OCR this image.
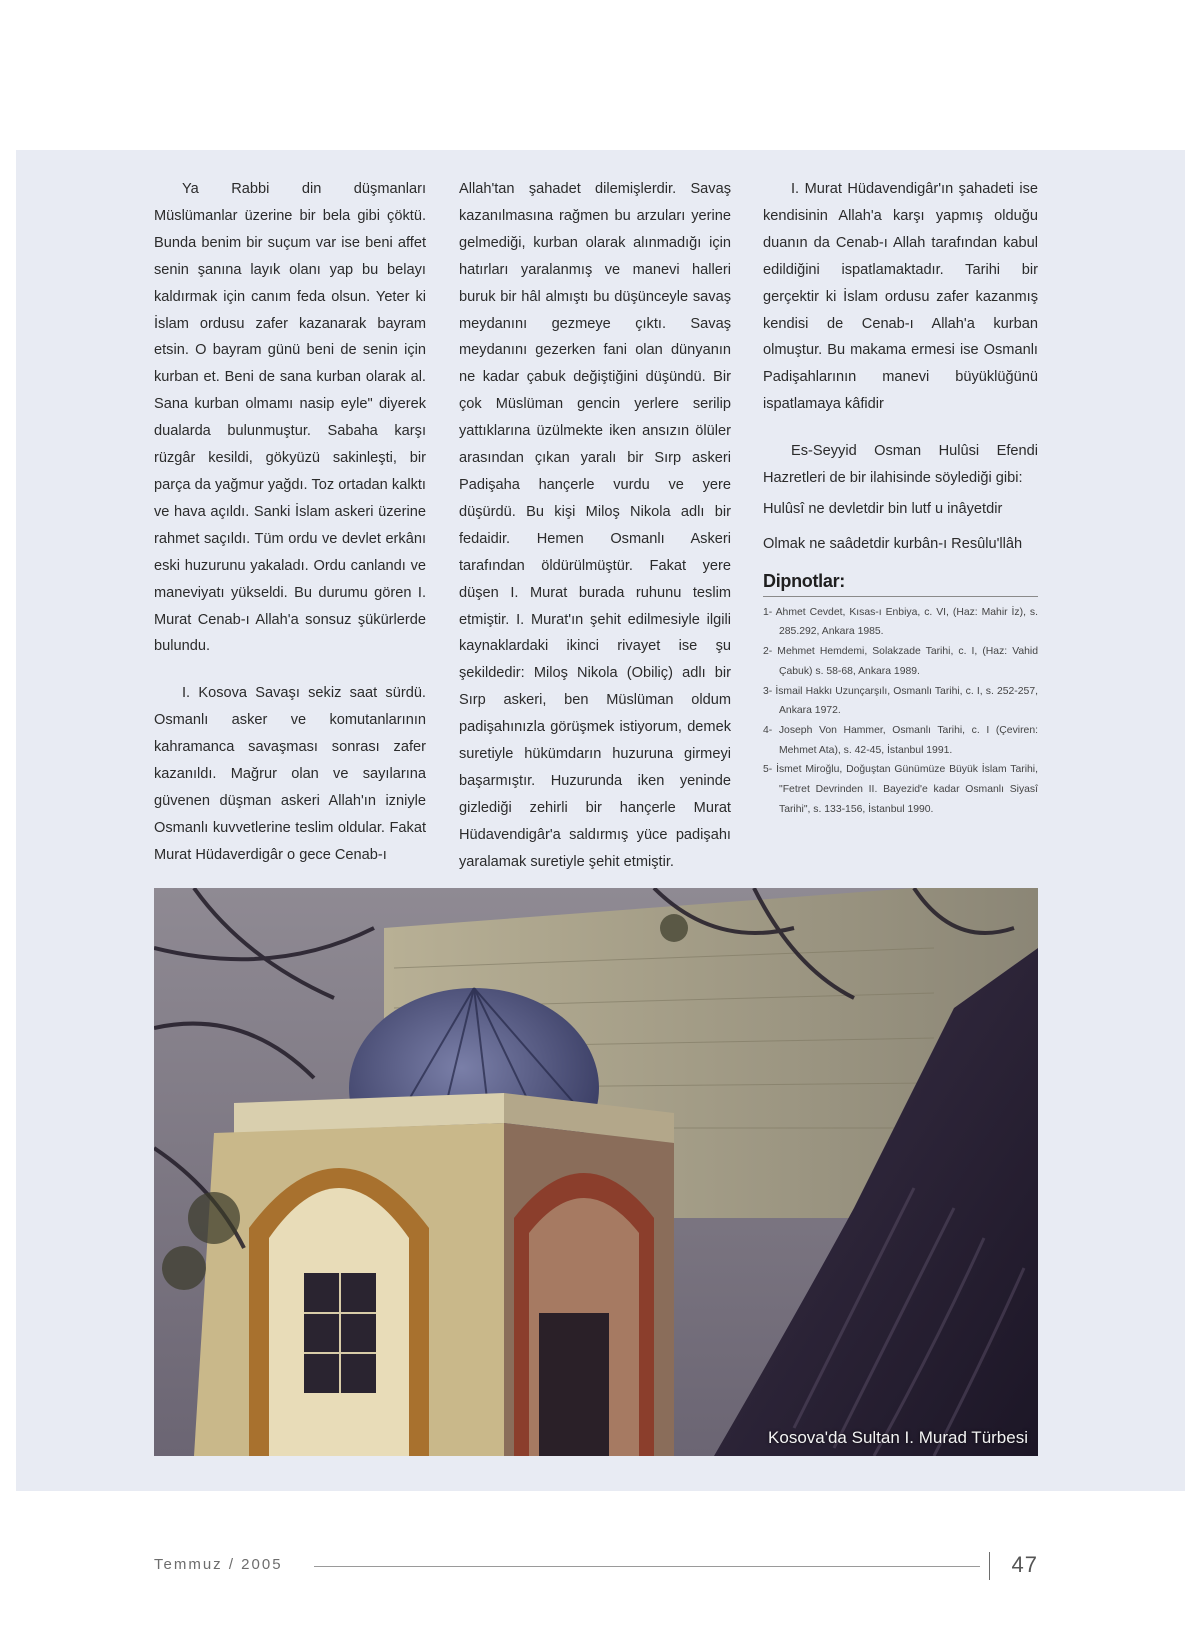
Ya Rabbi din düşmanları Müslümanlar üzerine bir bela gibi çöktü. Bunda benim bir suçum var ise beni affet senin şanına layık olanı yap bu belayı kaldırmak için canım feda olsun. Yeter ki İslam ordusu zafer kazanarak bayram etsin. O bayram günü beni de senin için kurban et. Beni de sana kurban olarak al. Sana kurban olmamı nasip eyle" diyerek dualarda bulunmuştur. Sabaha karşı rüzgâr kesildi, gökyüzü sakinleşti, bir parça da yağmur yağdı. Toz ortadan kalktı ve hava açıldı. Sanki İslam askeri üzerine rahmet saçıldı. Tüm ordu ve devlet erkânı eski huzurunu yakaladı. Ordu canlandı ve maneviyatı yükseldi. Bu durumu gören I. Murat Cenab-ı Allah'a sonsuz şükürlerde bulundu.

I. Kosova Savaşı sekiz saat sürdü. Osmanlı asker ve komutanlarının kahramanca savaşması sonrası zafer kazanıldı. Mağrur olan ve sayılarına güvenen düşman askeri Allah'ın izniyle Osmanlı kuvvetlerine teslim oldular. Fakat Murat Hüdaverdigâr o gece Cenab-ı

Allah'tan şahadet dilemişlerdir. Savaş kazanılmasına rağmen bu arzuları yerine gelmediği, kurban olarak alınmadığı için hatırları yaralanmış ve manevi halleri buruk bir hâl almıştı bu düşünceyle savaş meydanını gezmeye çıktı. Savaş meydanını gezerken fani olan dünyanın ne kadar çabuk değiştiğini düşündü. Bir çok Müslüman gencin yerlere serilip yattıklarına üzülmekte iken ansızın ölüler arasından çıkan yaralı bir Sırp askeri Padişaha hançerle vurdu ve yere düşürdü. Bu kişi Miloş Nikola adlı bir fedaidir. Hemen Osmanlı Askeri tarafından öldürülmüştür. Fakat yere düşen I. Murat burada ruhunu teslim etmiştir. I. Murat'ın şehit edilmesiyle ilgili kaynaklardaki ikinci rivayet ise şu şekildedir: Miloş Nikola (Obiliç) adlı bir Sırp askeri, ben Müslüman oldum padişahınızla görüşmek istiyorum, demek suretiyle hükümdarın huzuruna girmeyi başarmıştır. Huzurunda iken yeninde gizlediği zehirli bir hançerle Murat Hüdavendigâr'a saldırmış yüce padişahı yaralamak suretiyle şehit etmiştir.

I. Murat Hüdavendigâr'ın şahadeti ise kendisinin Allah'a karşı yapmış olduğu duanın da Cenab-ı Allah tarafından kabul edildiğini ispatlamaktadır. Tarihi bir gerçektir ki İslam ordusu zafer kazanmış kendisi de Cenab-ı Allah'a kurban olmuştur. Bu makama ermesi ise Osmanlı Padişahlarının manevi büyüklüğünü ispatlamaya kâfidir

Es-Seyyid Osman Hulûsi Efendi Hazretleri de bir ilahisinde söylediği gibi:

Hulûsî ne devletdir bin lutf u inâyetdir

Olmak ne saâdetdir kurbân-ı Resûlu'llâh

Dipnotlar:
1- Ahmet Cevdet, Kısas-ı Enbiya, c. VI, (Haz: Mahir İz), s. 285.292, Ankara 1985.
2- Mehmet Hemdemi, Solakzade Tarihi, c. I, (Haz: Vahid Çabuk) s. 58-68, Ankara 1989.
3- İsmail Hakkı Uzunçarşılı, Osmanlı Tarihi, c. I, s. 252-257, Ankara 1972.
4- Joseph Von Hammer, Osmanlı Tarihi, c. I (Çeviren: Mehmet Ata), s. 42-45, İstanbul 1991.
5- İsmet Miroğlu, Doğuştan Günümüze Büyük İslam Tarihi, "Fetret Devrinden II. Bayezid'e kadar Osmanlı Siyasî Tarihi", s. 133-156, İstanbul 1990.
Kosova'da Sultan I. Murad Türbesi
Temmuz / 2005	47
